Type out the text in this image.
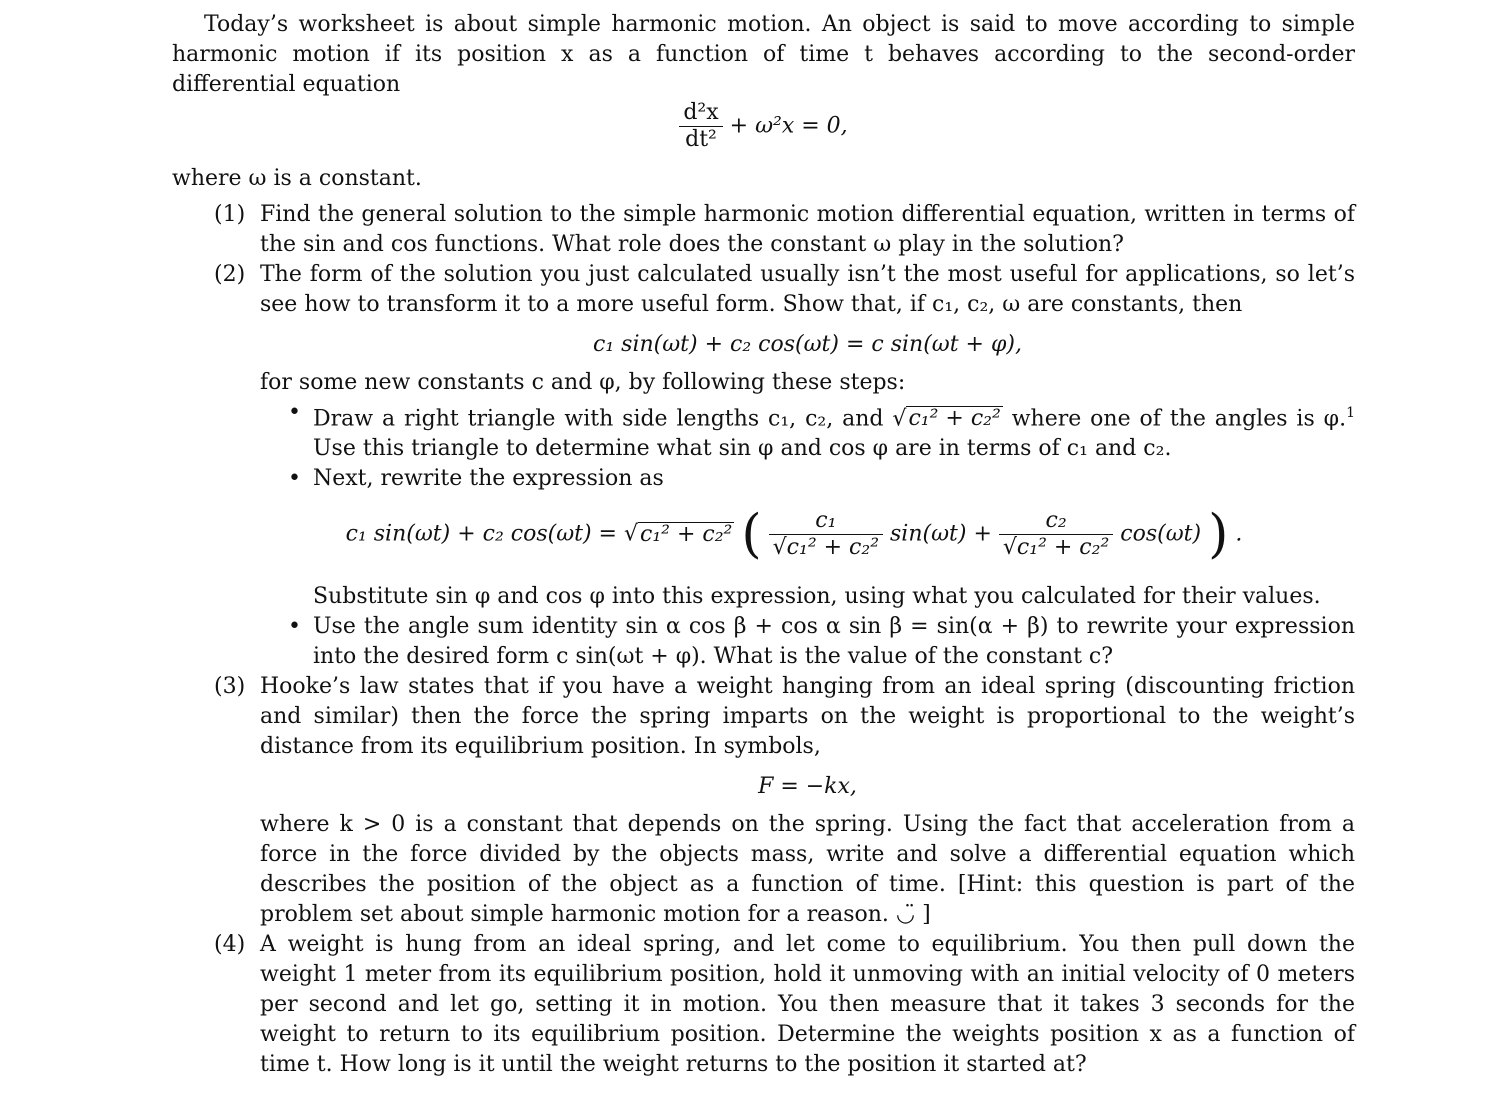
Today’s worksheet is about simple harmonic motion. An object is said to move according to simple harmonic motion if its position x as a function of time t behaves according to the second-order differential equation

$\frac{\text{d²x}}{\text{dt²}} + \omega^2x = 0$,

where ω is a constant.

(1) Find the general solution to the simple harmonic motion differential equation, written in terms of the sin and cos functions. What role does the constant ω play in the solution?

(2) The form of the solution you just calculated usually isn’t the most useful for applications, so let’s see how to transform it to a more useful form. Show that, if c₁, c₂, ω are constants, then

c₁ sin(ωt) + c₂ cos(ωt) = c sin(ωt + φ),

for some new constants c and φ, by following these steps:

• Draw a right triangle with side lengths c₁, c₂, and √c₁² + c₂² where one of the angles is φ.$^1$ Use this triangle to determine what sin φ and cos φ are in terms of c₁ and c₂.

• Next, rewrite the expression as

c₁ sin(ωt) + c₂ cos(ωt) = √c₁² + c₂² ( $\frac{\text{c₁}}{\text{√c₁² + c₂²}} \sin(\omega t) + \frac{\text{c₂}}{\text{√c₁² + c₂²}} \cos(\omega t)$ ) .

Substitute sin φ and cos φ into this expression, using what you calculated for their values.

• Use the angle sum identity sin α cos β + cos α sin β = sin(α + β) to rewrite your expression into the desired form c sin(ωt + φ). What is the value of the constant c?

(3) Hooke’s law states that if you have a weight hanging from an ideal spring (discounting friction and similar) then the force the spring imparts on the weight is proportional to the weight’s distance from its equilibrium position. In symbols,

F = −kx,

where k > 0 is a constant that depends on the spring. Using the fact that acceleration from a force in the force divided by the objects mass, write and solve a differential equation which describes the position of the object as a function of time. [Hint: this question is part of the problem set about simple harmonic motion for a reason. ◡̈ ]

(4) A weight is hung from an ideal spring, and let come to equilibrium. You then pull down the weight 1 meter from its equilibrium position, hold it unmoving with an initial velocity of 0 meters per second and let go, setting it in motion. You then measure that it takes 3 seconds for the weight to return to its equilibrium position. Determine the weights position x as a function of time t. How long is it until the weight returns to the position it started at?
